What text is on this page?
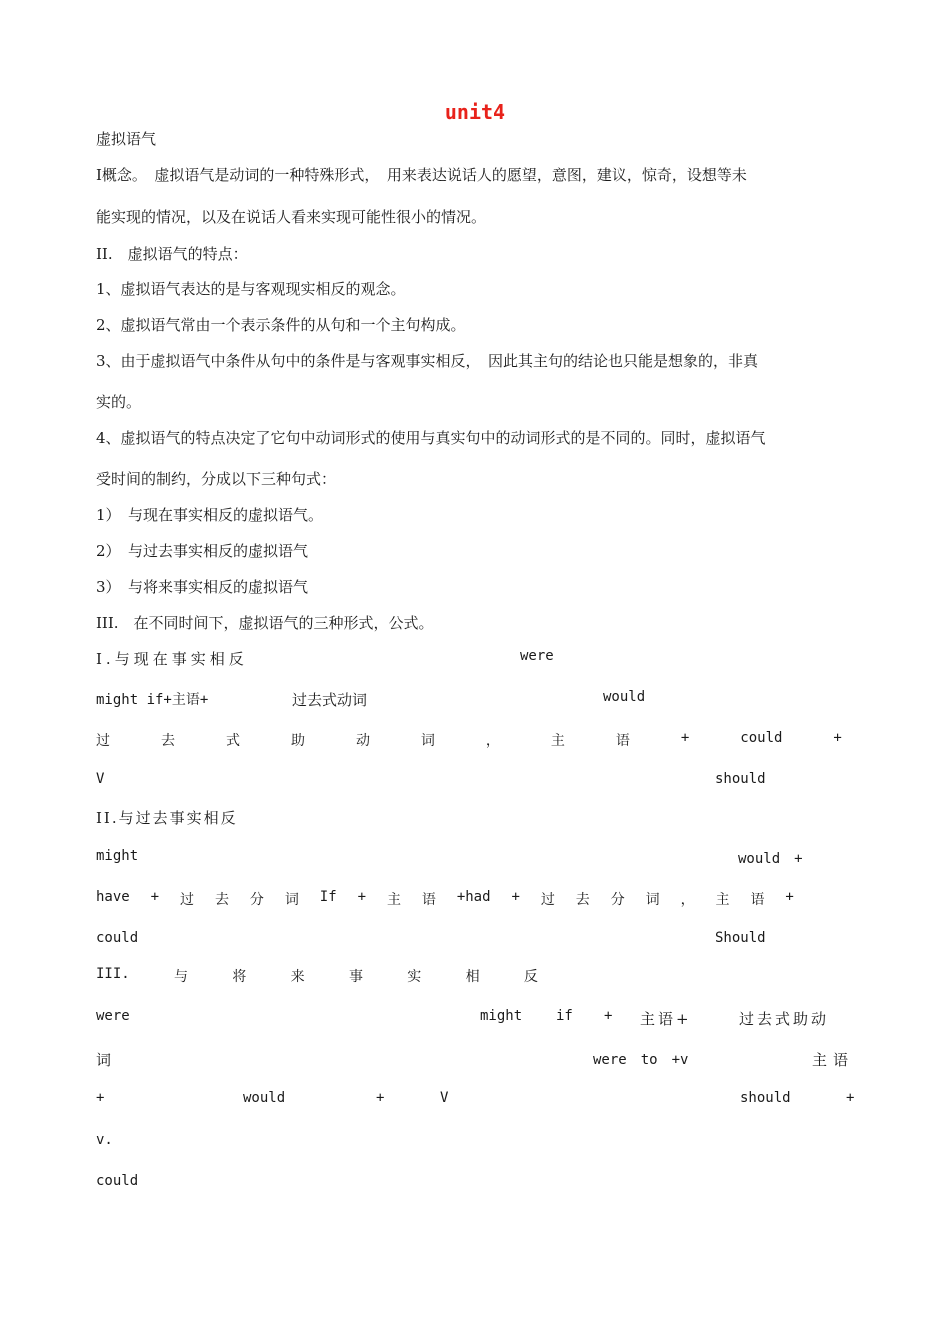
unit4
虚拟语气
Ⅰ概念。　虚拟语气是动词的一种特殊形式，　用来表达说话人的愿望，意图，建议，惊奇，设想等未
能实现的情况，以及在说话人看来实现可能性很小的情况。
II.　虚拟语气的特点：
1、虚拟语气表达的是与客观现实相反的观念。
2、虚拟语气常由一个表示条件的从句和一个主句构成。
3、由于虚拟语气中条件从句中的条件是与客观事实相反，　因此其主句的结论也只能是想象的，非真
实的。
4、虚拟语气的特点决定了它句中动词形式的使用与真实句中的动词形式的是不同的。同时，虚拟语气
受时间的制约，分成以下三种句式：
1）　与现在事实相反的虚拟语气。
2）　与过去事实相反的虚拟语气
3）　与将来事实相反的虚拟语气
III.　在不同时间下，虚拟语气的三种形式，公式。
I.与现在事实相反	were
might if+主语+	过去式动词	would
过	去	式	助	动	词	，	主	语	+	could	+
V	should
II.与过去事实相反
might	would　+
have + 过 去 分 词 If + 主 语 +had + 过 去 分 词 ， 主 语 +
could	Should
III.	与	将	来	事	实	相	反
were	might if + 主语+	过去式助动
词	were　to　+v	主语
+	would	+	V	should	+
v.
could
